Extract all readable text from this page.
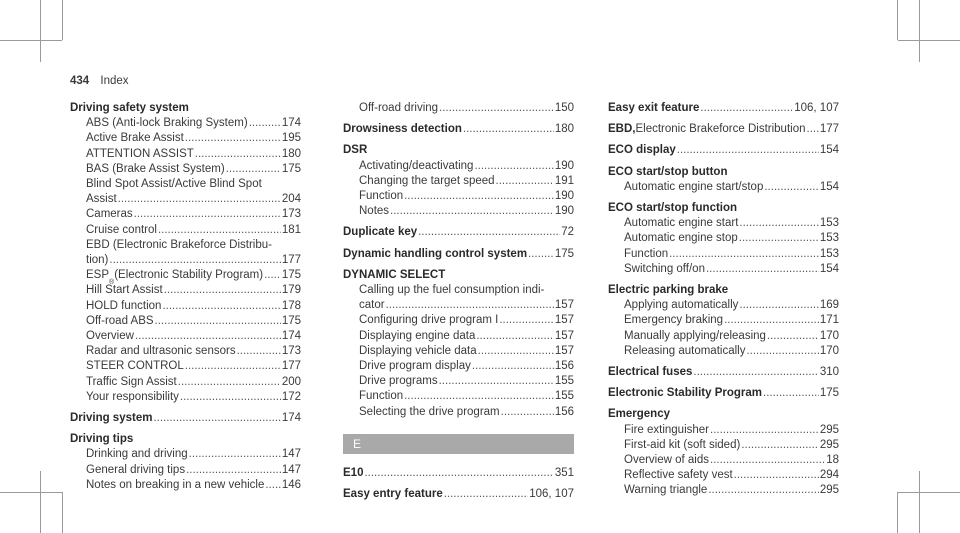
434 Index
Driving safety system
ABS (Anti-lock Braking System) .....	174
Active Brake Assist .....	195
ATTENTION ASSIST .....	180
BAS (Brake Assist System) .....	175
Blind Spot Assist/Active Blind Spot
Assist .....	204
Cameras .....	173
Cruise control .....	181
EBD (Electronic Brakeforce Distribu-
tion) .....	177
ESP
®
(Electronic Stability Program) ..... 175
Hill Start Assist .....	179
HOLD function .....	178
Off-road ABS .....	175
Overview .....	174
Radar and ultrasonic sensors .....	173
STEER CONTROL .....	177
Traffic Sign Assist .....	200
Your responsibility .....	172
Driving system .....	174
Driving tips
Drinking and driving .....	147
General driving tips .....	147
Notes on breaking in a new vehicle ..... 146
Off-road driving .....	150
Drowsiness detection .....	180
DSR
Activating/deactivating .....	190
Changing the target speed .....	191
Function .....	190
Notes .....	190
Duplicate key .....	72
Dynamic handling control system ..... 175
DYNAMIC SELECT
Calling up the fuel consumption indi-
cator .....	157
Configuring drive program I .....	157
Displaying engine data .....	157
Displaying vehicle data .....	157
Drive program display .....	156
Drive programs .....	155
Function .....	155
Selecting the drive program .....	156
E
E10 .....	351
Easy entry feature .....	106, 107
Easy exit feature .....	106, 107
EBD, Electronic Brakeforce Distribution ..... 177
ECO display .....	154
ECO start/stop button
Automatic engine start/stop .....	154
ECO start/stop function
Automatic engine start .....	153
Automatic engine stop .....	153
Function .....	153
Switching off/on .....	154
Electric parking brake
Applying automatically .....	169
Emergency braking .....	171
Manually applying/releasing .....	170
Releasing automatically .....	170
Electrical fuses .....	310
Electronic Stability Program .....	175
Emergency
Fire extinguisher .....	295
First-aid kit (soft sided) .....	295
Overview of aids .....	18
Reflective safety vest .....	294
Warning triangle .....	295
